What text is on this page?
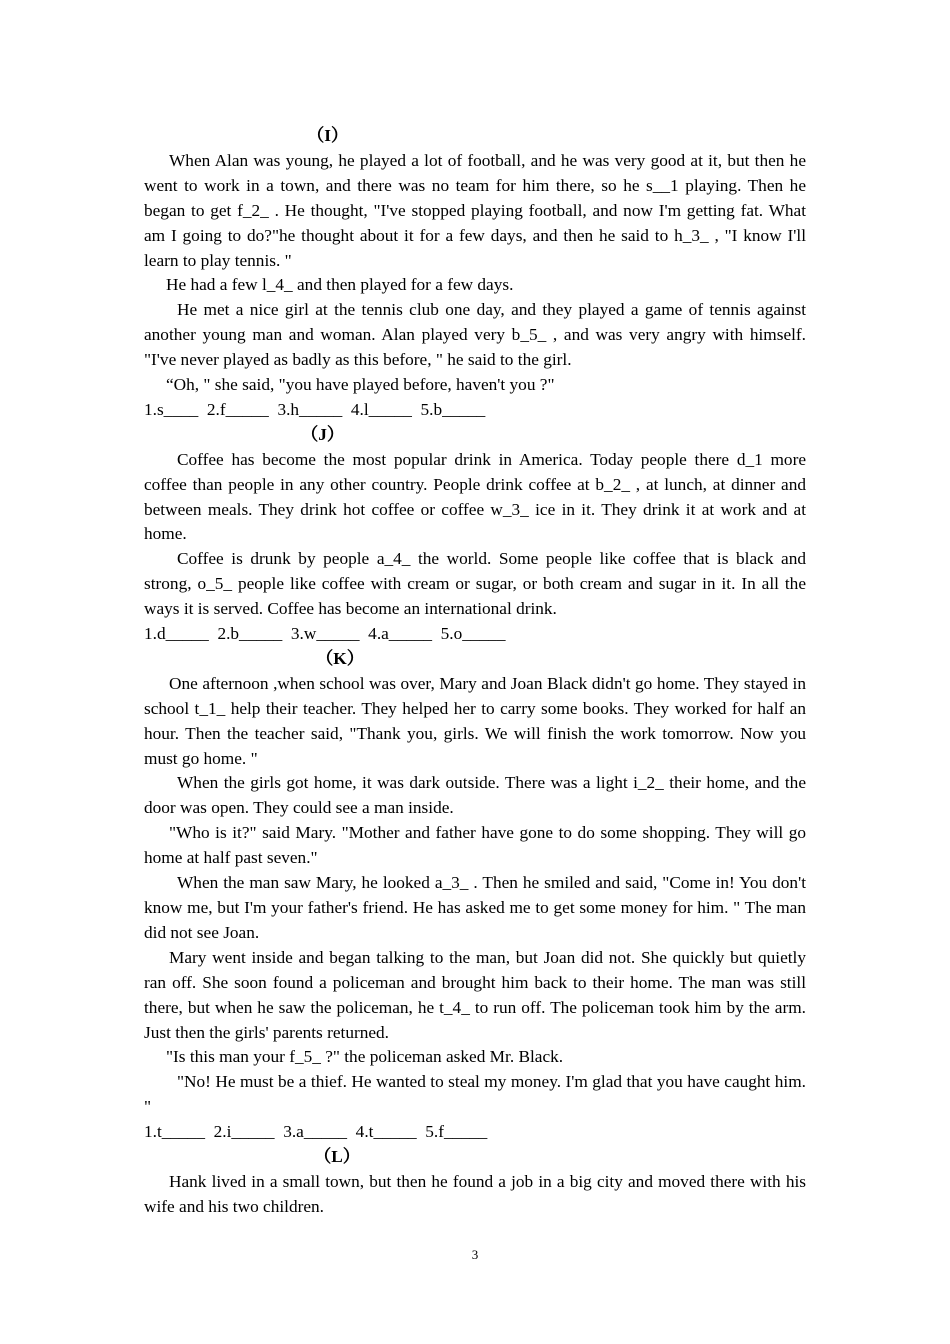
（I）

When Alan was young, he played a lot of football, and he was very good at it, but then he went to work in a town, and there was no team for him there, so he s__1 playing. Then he began to get f_2_ . He thought, "I've stopped playing football, and now I'm getting fat. What am I going to do?"he thought about it for a few days, and then he said to h_3_ , "I know I'll learn to play tennis. "

He had a few l_4_ and then played for a few days.

He met a nice girl at the tennis club one day, and they played a game of tennis against another young man and woman. Alan played very b_5_ , and was very angry with himself. "I've never played as badly as this before, " he said to the girl.

“Oh, " she said, "you have played before, haven't you ?"

1.s____  2.f_____  3.h_____  4.l_____  5.b_____
（J）

Coffee has become the most popular drink in America. Today people there d_1 more coffee than people in any other country. People drink coffee at b_2_ , at lunch, at dinner and between meals. They drink hot coffee or coffee w_3_ ice in it. They drink it at work and at home.

Coffee is drunk by people a_4_ the world. Some people like coffee that is black and strong, o_5_ people like coffee with cream or sugar, or both cream and sugar in it. In all the ways it is served. Coffee has become an international drink.

1.d_____  2.b_____  3.w_____  4.a_____  5.o_____
（K）

One afternoon ,when school was over, Mary and Joan Black didn't go home. They stayed in school t_1_ help their teacher. They helped her to carry some books. They worked for half an hour. Then the teacher said, "Thank you, girls. We will finish the work tomorrow. Now you must go home. "

When the girls got home, it was dark outside. There was a light i_2_ their home, and the door was open. They could see a man inside.

"Who is it?" said Mary. "Mother and father have gone to do some shopping. They will go home at half past seven."

When the man saw Mary, he looked a_3_ . Then he smiled and said, "Come in! You don't know me, but I'm your father's friend. He has asked me to get some money for him. " The man did not see Joan.

Mary went inside and began talking to the man, but Joan did not. She quickly but quietly ran off. She soon found a policeman and brought him back to their home. The man was still there, but when he saw the policeman, he t_4_ to run off. The policeman took him by the arm. Just then the girls' parents returned.

"Is this man your f_5_ ?" the policeman asked Mr. Black.

"No! He must be a thief. He wanted to steal my money. I'm glad that you have caught him. "

1.t_____  2.i_____  3.a_____  4.t_____  5.f_____
（L）

Hank lived in a small town, but then he found a job in a big city and moved there with his wife and his two children.

3
